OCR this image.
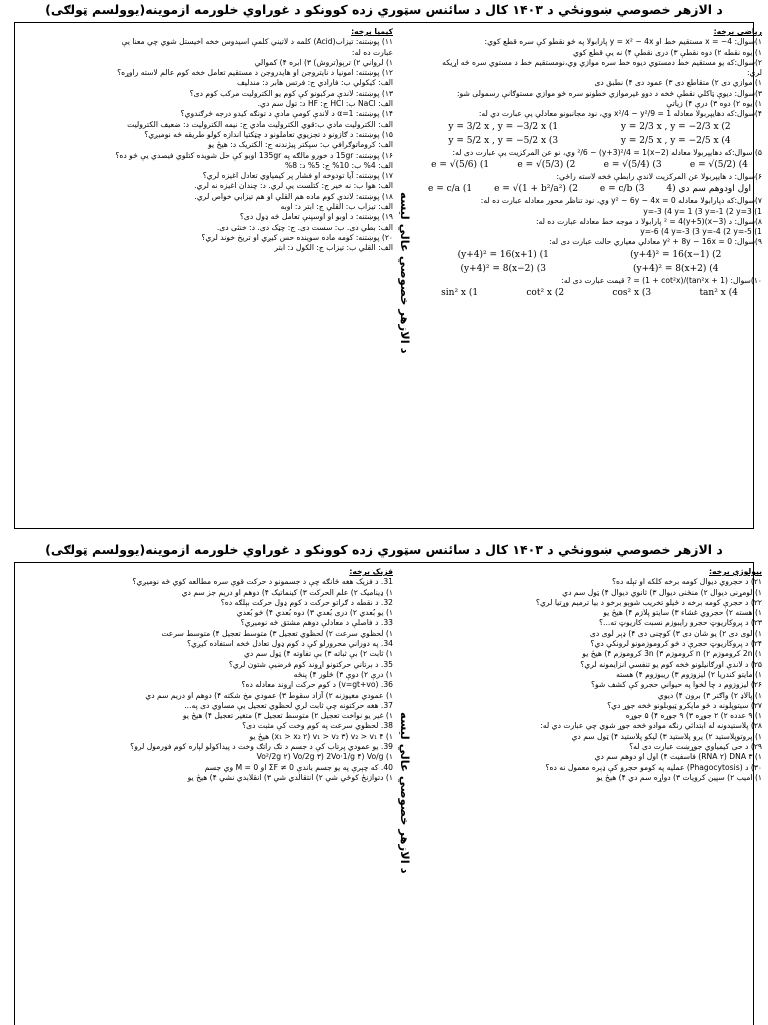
د الازهر خصوصي ښوونځي د ۱۴۰۳ کال د سائنس سټوري زده کوونکو د غوراوي خلورمه ازموینه(یوولسم ټولګی)
د الازهر خصوصي عالي لیسه
کیمیا برخه:
۱۱) پوښتنه: تیزاب(Acid) کلمه د لاتیني کلمې اسیدوس خخه اخیستل شوي چي معنا یې
عبارت ده له:
۱) لرواني ۲) ترېو(تروش) ۳) ابره ۴) کموالي
۱۲) پوښتنه: امونیا د نایتروجن او هایدروجن د مستقیم تعامل خخه کوم عالم لاسته راوړه؟
الف: کیکولي ب: فارادي ج: فرتس هابر د: مندلیف
۱۳) پوښتنه: لاندې مرکبونو کې کوم یو الکترولیت مرکب کوم دی؟
الف: NaCl ب: HCl ج: HF د: تول سم دي.
۱۴) پوښتنه: α=1 د لاندې کومې مادې د تونګه کیدو درجه څرګندوي؟
الف: الکترولیت مادي ب:قوي الکترولیت مادي ج: نیمه الکترولیت د: ضعیف الکترولیت
۱۵) پوښتنه: د ګازونو د تجزیوي تعاملونو د چټکتیا اندازه کولو طریقه څه نومیږي؟
الف: کروماتوګرافي ب: سپکتر پیژندنه ج: الکتریک د: هیڅ یو
۱۶) پوښتنه: 15gr د خورو مالګه په 135gr اوبو کې حل شویده کتلوي فیصدي یې څو ده؟
الف: 4% ب: 10% ج: 5% د: 8%
۱۷) پوښتنه: آیا تودوخه او فشار پر کیمیاوي تعادل اغیزه لري؟
الف: هوا ب: نه خیر ج: کتلست یې لري. د: چندان اغیزه نه لري.
۱۸) پوښتنه: لاندې کوم ماده هم القلي او هم تیزابي خواص لري.
الف: تیزاب ب: القلي ج: ابتر د: اوبه
۱۹) پوښتنه: د اوبو او اوسپنې تعامل څه ډول دی؟
الف: بطي دی. ب: سست دی. ج: چټک دی. د: خنثی دی.
۲۰) پوښتنه: کومه ماده سوینده حس کیږي او تریخ خوند لري؟
الف: القلي ب: تیزاب ج: الکول د: ابتر
ریاضی برخه:
۱)سوال: x = −4 مستقیم خط او y = x² − 4x پارابولا په څو نقطو کې سره قطع کوي:
۱) یوه نقطه ۲) دوه نقطې ۳) دری نقطې ۴) نه یې قطع کوي
۲)سوال:که یو مستقیم خط دمستوي دیوه خط سره موازي وي،نومستقیم خط د مستوي سره څه اړیکه
لري:
۱) موازي دی ۲) متقاطع دی ۳) عمود دی ۴) نطبق دی
۳)سوال: دیوې ټاکلي نقطې څخه د دوو غیرموازي خطونو سره څو موازي مستوګانې رسمولی شو:
۱) یوه ۲) دوه ۳) درې ۴) زیاتې
۴)سوال:که دهایپربولا معادله x²/4 − y²/9 = 1 وي، نود مجانبونو معادلي یې عبارت دي له:
y = 2/3 x , y = −2/3 x (2
y = 3/2 x , y = −3/2 x (1
y = 2/5 x , y = −2/5 x (4
y = 5/2 x , y = −5/2 x (3
۵) سوال:که دهایپربولا معادله (x−2)²/6 − (y+3)²/4 = 1 وي، نو عن المرکزیت یې عبارت دی له:
e = √(5/2) (4
e = √(5/4) (3
e = √(5/3) (2
e = √(5/6) (1
۶)سوال: د هایپربولا عن المرکزیت لاندې رابطې څخه لاسته راځي:
4) اول اودوهم سم دي
e = c/b (3
e = √(1 + b²/a²) (2
e = c/a (1
۷)سوال:که دپارابولا معادله y² − 6y − 4x = 0 وي، نود تناظر محور معادله عبارت ده له:
y=-3 (4 y= 1 (3 y=-1 (2 y=3 (1
۸)سوال: د (x−3)² = 4(y+5) پارابولا د موجه خط معادله عبارت ده له:
y=-6 (4 y=-3 (3 y=-4 (2 y=-5 (1
۹)سوال: y² + 8y − 16x = 0 معادلي معیاري حالت عبارت دی له:
(y+4)² = 16(x−1) (2
(y+4)² = 16(x+1) (1
(y+4)² = 8(x+2) (4
(y+4)² = 8(x−2) (3
۱۰)سوال: (1 + tan²x)/(1 + cot²x) = ? قیمت عبارت دی له:
tan² x (4
cos² x (3
cot² x (2
sin² x (1
د الازهر خصوصي ښوونځي د ۱۴۰۳ کال د سائنس سټوري زده کوونکو د غوراوي خلورمه ازموینه(یوولسم ټولګی)
د الازهر خصوصي عالي لیسه
فزیک برخه:
31. د فزیک هغه څانګه چې د جسمونو د حرکت قوې سره مطالعه کوي څه نومیږي؟
۱) ډینامیک ۲) علم الحرکت ۳) کینماتیک ۴) دوهم او دریم جز سم دي
32. د نقطه د ګراتو حرکت د کوم ډول حرکت بېلګه ده؟
۱) یو بُعدي ۲) دری بُعدي ۳) دوه بُعدي ۴) څو بُعدي
33. د فاصلې د معادلې دوهم مشتق څه نومیږي؟
۱) لحظوي سرعت ۲) لحظوي تعجیل ۳) متوسط تعجیل ۴) متوسط سرعت
34. په دوراني محرورلو کې د کوم ډول تعادل څخه استفاده کیږي؟
۱) ثابت ۲) بې ثباته ۳) بې تفاوته ۴) ټول سم دي
35. د برتاني حرکتونو اړوند کوم فرضیې شتون لري؟
۱) درې ۲) دوې ۳) څلور ۴) پنځه
36. (v=gt+vo) د کوم حرکت اړوند معادله ده؟
۱) عمودي مغیوزنه ۲) آزاد سقوط ۳) عمودي مخ شکته ۴) دوهم او دریم سم دي
37. هغه حرکتونه چې ثابت لري لحظوي تعجیل یې مساوي دی په...
۱) غیر یو نواخت تعجیل ۲) متوسط تعجیل ۳) متغیر تعجیل ۴) هیڅ یو
38. لحظوي سرعت په کوم وخت کې مثبت دی؟
۱) x₁ > x₂ ۲) v₁ > v₂ ۳) v₂ > v₁ ۴) هیڅ یو
39. یو عمودي پرتاب کې د جسم د تګ راتګ وخت د پیداکولو لپاره کوم فورمول لرو؟
۱) Vo²/2g ۲) Vo/2g ۳) 2Vo·1/g ۴) Vo/g
40. که چېرې په یو جسم باندې ΣF ≠ 0 او M = 0 وي جسم
۱) دتوازنځ کوځي شي ۲) انتقالدي شي ۳) انقلابدي نشي ۴) هیڅ یو
بیولوژي برخه:
۲۱) د حجروي دیوال کومه برخه کلکه او تېله ده؟
۱) لومړنی دیوال ۲) منځنی دیوال ۳) ثانوي دیوال ۴) ټول سم دي
۲۲) د حجرې کومه برخه د ځیلو تخریب شوېو برخو د بیا ترمیم وړتیا لري؟
۱) هسته ۲) حجروي غشاء ۳) سایتو پلازم ۴) هیڅ یو
۲۳) د پروکاریوټ حجرو رایبوزم نسبت کاریوټ ته...؟
۱) لوی دی ۲) یو شان دی ۳) کوچنی دی ۴) ډېر لوی دی
۲۴) د پروکاریوټ حجرې د څو کروموزمونو لرونکي دي؟
۱) 2n کروموزم ۲) n کروموزم ۳) 3n کروموزم ۴) هیڅ یو
۲۵) د لاندې اورګانیلونو څخه کوم یو تنفسي انزایمونه لري؟
۱) مایتو کندریا ۲) لیزوزوم ۳) ریبوزوم ۴) هسته
۲۶) لیزوزوم د چا لخوا په حیواني حجرو کې کشف شو؟
۱) پالاډ ۲) واګنر ۳) برون ۴) ديوي
۲۷) سیتوپلونه د څو مایکرو ټیوبلونو څخه جوړ دي؟
۱) ۹ عدده ۲) ۲ جوړه ۳) ۹ جوړه ۴) ۵ جوړه
۲۸) پلاستیدونه له ابتدائي رنګه موادو څخه جوړ شوي چي عبارت دي له:
۱) پروتوپلاستید ۲) یرو پلاستید ۳) لیکو پلاستید ۴) ټول سم دي
۲۹) د حی کیمیاوي جوړښت عبارت دی له؟
۱) RNA ۲) DNA ۳) فاسفیت ۴) اول او دوهم سم دي
۳۰) د (Phagocytosis) عملیه په کومو حجرو کې ډېره معمول نه ده؟
۱) امیب ۲) سپین کرویات ۳) دواړه سم دي ۴) هیڅ یو
